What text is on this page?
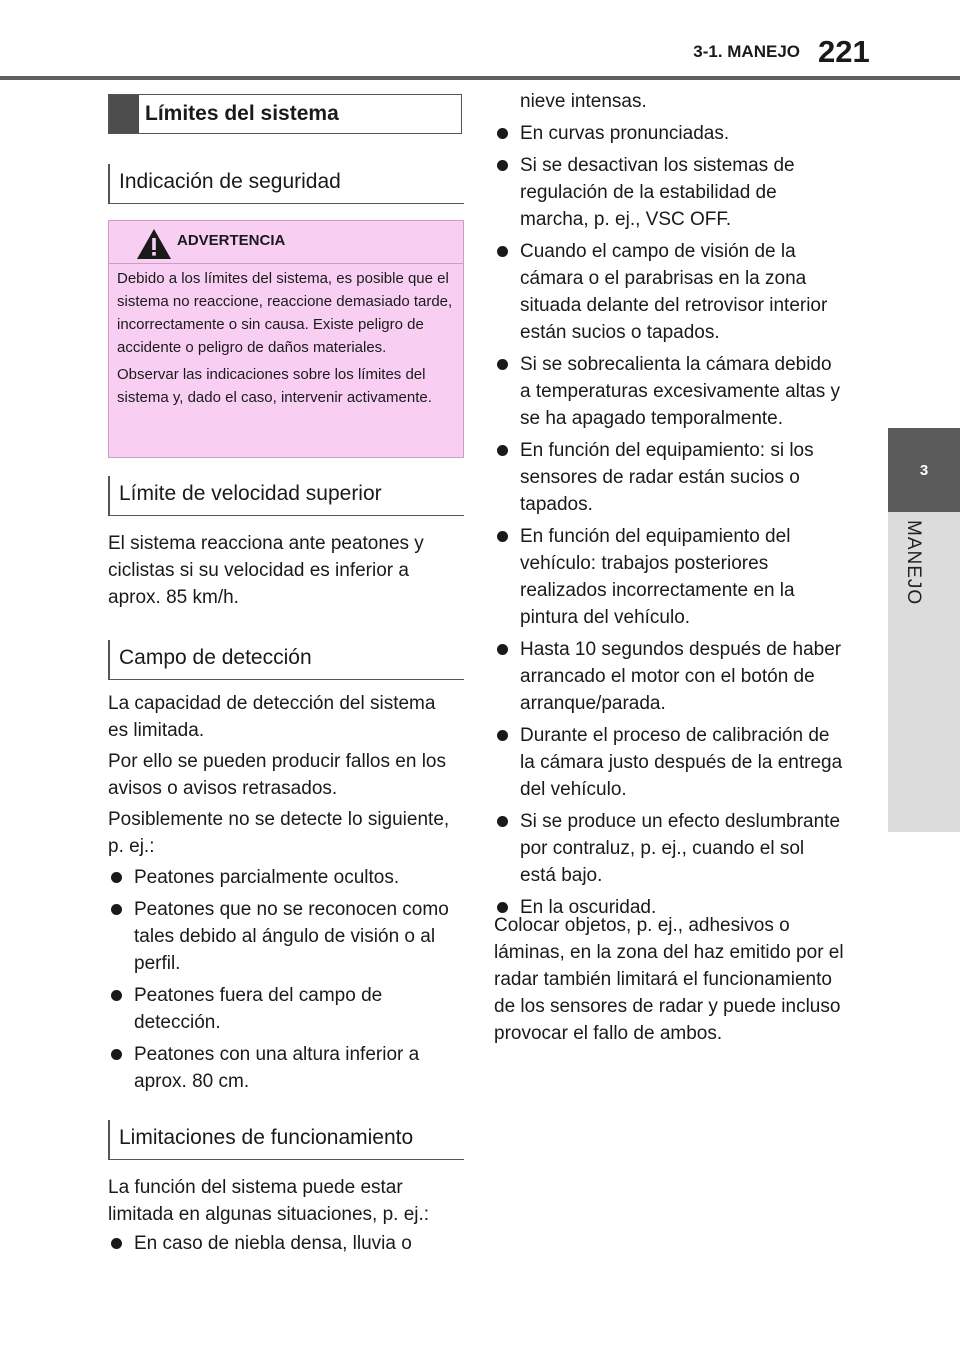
3-1. MANEJO 221
3
MANEJO
Límites del sistema
Indicación de seguridad
ADVERTENCIA

Debido a los límites del sistema, es posible que el sistema no reaccione, reaccione demasiado tarde, incorrectamente o sin causa. Existe peligro de accidente o peligro de daños materiales.

Observar las indicaciones sobre los límites del sistema y, dado el caso, intervenir activamente.

Límite de velocidad superior

El sistema reacciona ante peatones y ciclistas si su velocidad es inferior a aprox. 85 km/h.

Campo de detección

La capacidad de detección del sistema es limitada.

Por ello se pueden producir fallos en los avisos o avisos retrasados.

Posiblemente no se detecte lo siguiente, p. ej.:

Peatones parcialmente ocultos.
Peatones que no se reconocen como tales debido al ángulo de visión o al perfil.
Peatones fuera del campo de detección.
Peatones con una altura inferior a aprox. 80 cm.
Limitaciones de funcionamiento

La función del sistema puede estar limitada en algunas situaciones, p. ej.:

En caso de niebla densa, lluvia o
nieve intensas.
En curvas pronunciadas.
Si se desactivan los sistemas de regulación de la estabilidad de marcha, p. ej., VSC OFF.
Cuando el campo de visión de la cámara o el parabrisas en la zona situada delante del retrovisor interior están sucios o tapados.
Si se sobrecalienta la cámara debido a temperaturas excesivamente altas y se ha apagado temporalmente.
En función del equipamiento: si los sensores de radar están sucios o tapados.
En función del equipamiento del vehículo: trabajos posteriores realizados incorrectamente en la pintura del vehículo.
Hasta 10 segundos después de haber arrancado el motor con el botón de arranque/parada.
Durante el proceso de calibración de la cámara justo después de la entrega del vehículo.
Si se produce un efecto deslumbrante por contraluz, p. ej., cuando el sol está bajo.
En la oscuridad.

Colocar objetos, p. ej., adhesivos o láminas, en la zona del haz emitido por el radar también limitará el funcionamiento de los sensores de radar y puede incluso provocar el fallo de ambos.
